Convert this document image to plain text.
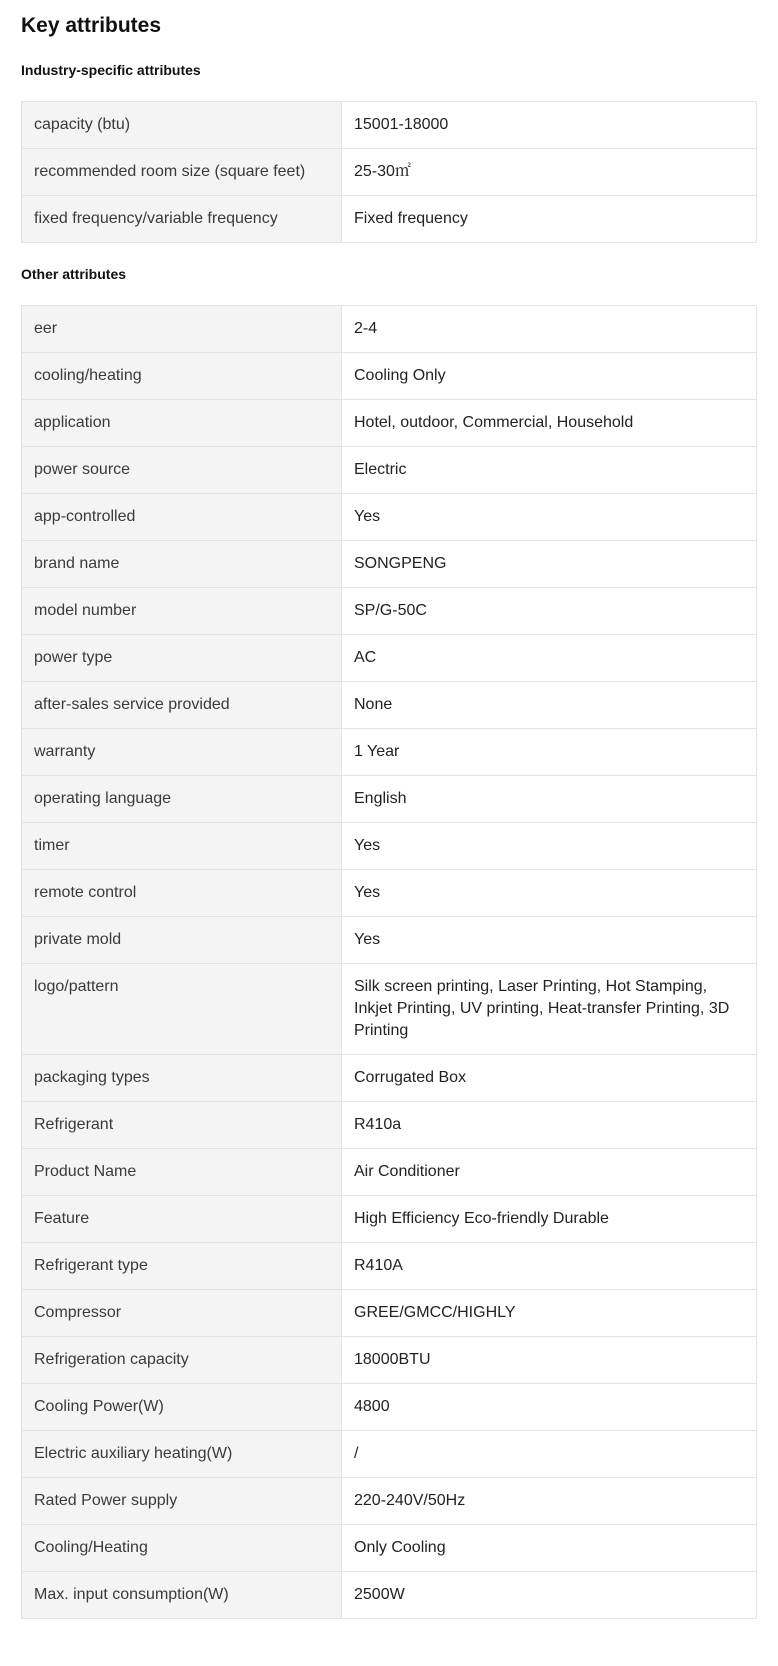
Key attributes
Industry-specific attributes
capacity (btu)	15001-18000
recommended room size (square feet)	25-30㎡
fixed frequency/variable frequency	Fixed frequency
Other attributes
eer	2-4
cooling/heating	Cooling Only
application	Hotel, outdoor, Commercial, Household
power source	Electric
app-controlled	Yes
brand name	SONGPENG
model number	SP/G-50C
power type	AC
after-sales service provided	None
warranty	1 Year
operating language	English
timer	Yes
remote control	Yes
private mold	Yes
logo/pattern	Silk screen printing, Laser Printing, Hot Stamping, Inkjet Printing, UV printing, Heat-transfer Printing, 3D Printing
packaging types	Corrugated Box
Refrigerant	R410a
Product Name	Air Conditioner
Feature	High Efficiency Eco-friendly Durable
Refrigerant type	R410A
Compressor	GREE/GMCC/HIGHLY
Refrigeration capacity	18000BTU
Cooling Power(W)	4800
Electric auxiliary heating(W)	/
Rated Power supply	220-240V/50Hz
Cooling/Heating	Only Cooling
Max. input consumption(W)	2500W
